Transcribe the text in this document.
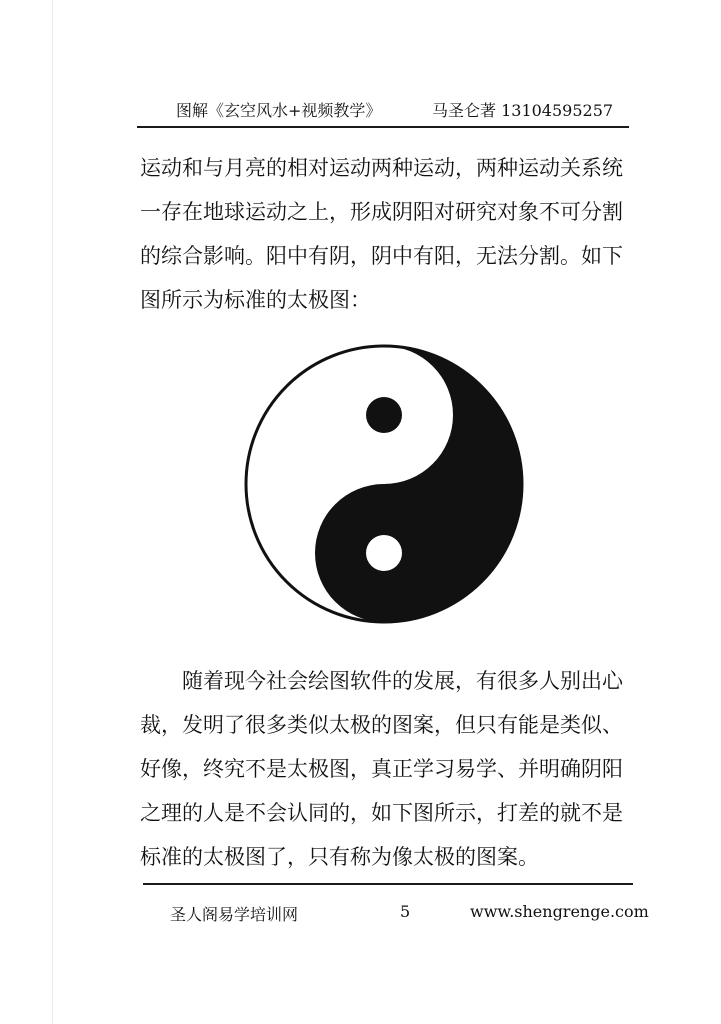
图解《玄空风水+视频教学》	马圣仑著 13104595257

运动和与月亮的相对运动两种运动，两种运动关系统
一存在地球运动之上，形成阴阳对研究对象不可分割
的综合影响。阳中有阴，阴中有阳，无法分割。如下
图所示为标准的太极图：

随着现今社会绘图软件的发展，有很多人别出心
裁，发明了很多类似太极的图案，但只有能是类似、
好像，终究不是太极图，真正学习易学、并明确阴阳
之理的人是不会认同的，如下图所示，打差的就不是
标准的太极图了，只有称为像太极的图案。

圣人阁易学培训网	5	www.shengrenge.com
